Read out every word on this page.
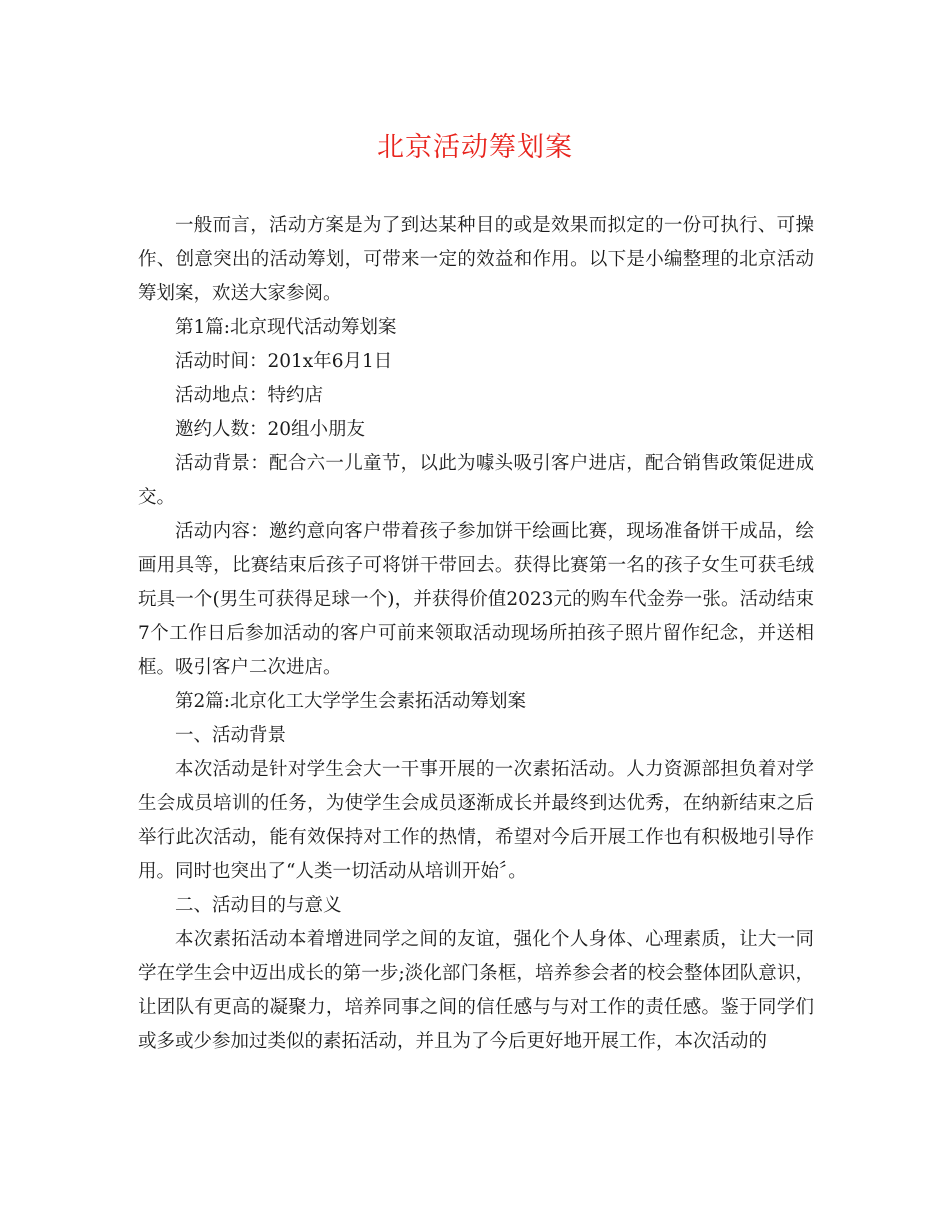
北京活动筹划案

一般而言，活动方案是为了到达某种目的或是效果而拟定的一份可执行、可操作、创意突出的活动筹划，可带来一定的效益和作用。以下是小编整理的北京活动筹划案，欢送大家参阅。

第1篇:北京现代活动筹划案

活动时间：201x年6月1日

活动地点：特约店

邀约人数：20组小朋友

活动背景：配合六一儿童节，以此为噱头吸引客户进店，配合销售政策促进成交。

活动内容：邀约意向客户带着孩子参加饼干绘画比赛，现场准备饼干成品，绘画用具等，比赛结束后孩子可将饼干带回去。获得比赛第一名的孩子女生可获毛绒玩具一个(男生可获得足球一个)，并获得价值2023元的购车代金券一张。活动结束7个工作日后参加活动的客户可前来领取活动现场所拍孩子照片留作纪念，并送相框。吸引客户二次进店。

第2篇:北京化工大学学生会素拓活动筹划案

一、活动背景

本次活动是针对学生会大一干事开展的一次素拓活动。人力资源部担负着对学生会成员培训的任务，为使学生会成员逐渐成长并最终到达优秀，在纳新结束之后举行此次活动，能有效保持对工作的热情，希望对今后开展工作也有积极地引导作用。同时也突出了“人类一切活动从培训开始〞。

二、活动目的与意义

本次素拓活动本着增进同学之间的友谊，强化个人身体、心理素质，让大一同学在学生会中迈出成长的第一步;淡化部门条框，培养参会者的校会整体团队意识，让团队有更高的凝聚力，培养同事之间的信任感与与对工作的责任感。鉴于同学们或多或少参加过类似的素拓活动，并且为了今后更好地开展工作，本次活动的
